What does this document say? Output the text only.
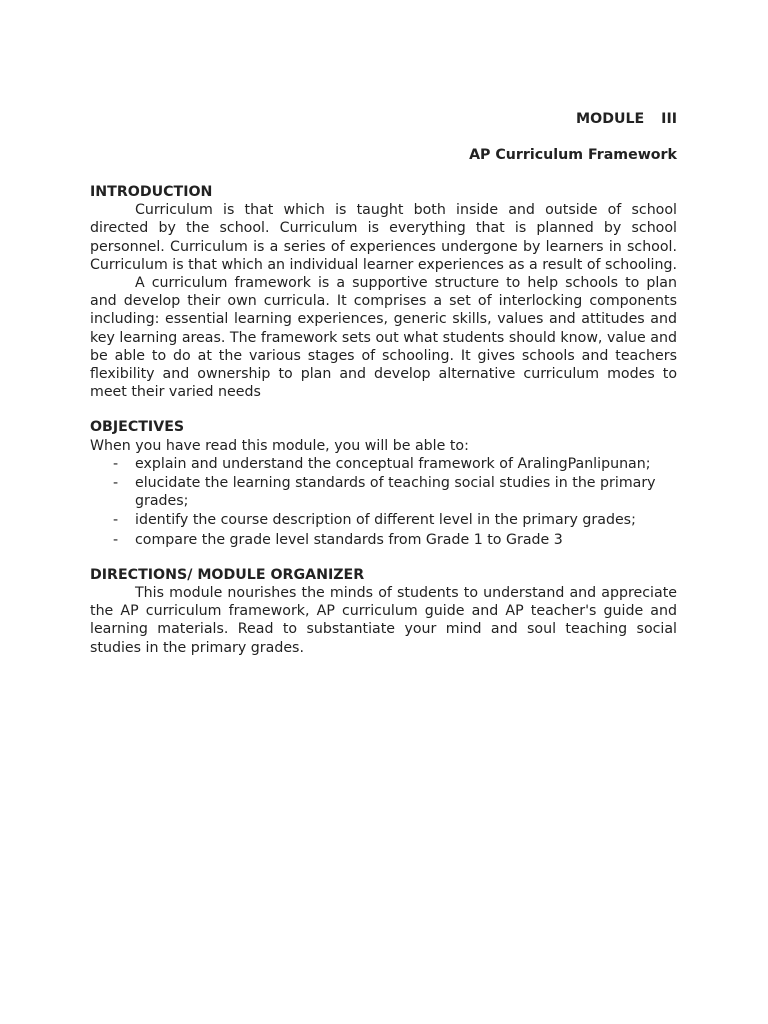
MODULE III
AP Curriculum Framework
INTRODUCTION

Curriculum is that which is taught both inside and outside of school directed by the school. Curriculum is everything that is planned by school personnel. Curriculum is a series of experiences undergone by learners in school. Curriculum is that which an individual learner experiences as a result of schooling.

A curriculum framework is a supportive structure to help schools to plan and develop their own curricula. It comprises a set of interlocking components including: essential learning experiences, generic skills, values and attitudes and key learning areas. The framework sets out what students should know, value and be able to do at the various stages of schooling. It gives schools and teachers flexibility and ownership to plan and develop alternative curriculum modes to meet their varied needs

OBJECTIVES

When you have read this module, you will be able to:

- explain and understand the conceptual framework of AralingPanlipunan;
- elucidate the learning standards of teaching social studies in the primary grades;
- identify the course description of different level in the primary grades;
- compare the grade level standards from Grade 1 to Grade 3
DIRECTIONS/ MODULE ORGANIZER

This module nourishes the minds of students to understand and appreciate the AP curriculum framework, AP curriculum guide and AP teacher's guide and learning materials. Read to substantiate your mind and soul teaching social studies in the primary grades.
